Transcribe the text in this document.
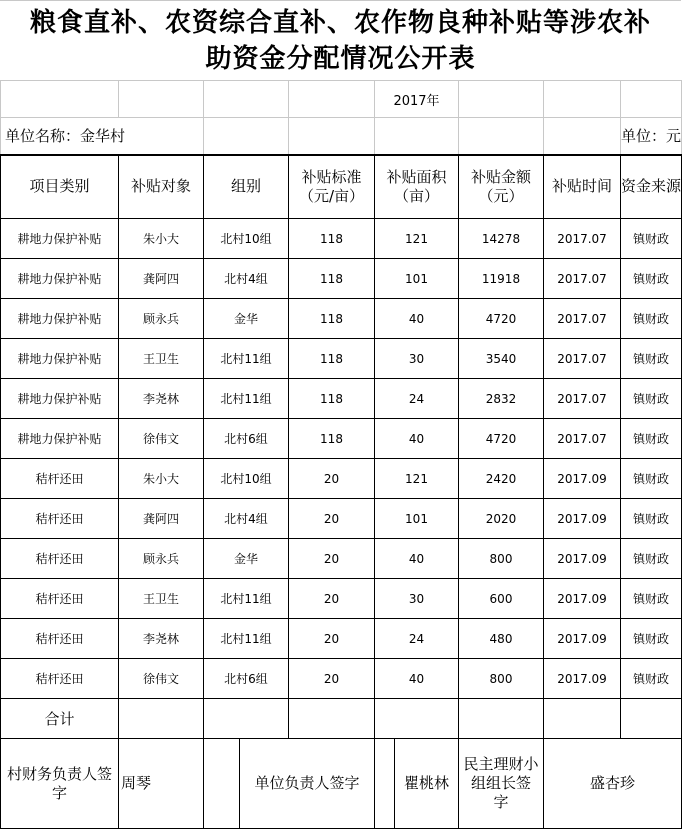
粮食直补、农资综合直补、农作物良种补贴等涉农补
助资金分配情况公开表
					2017年				
单位名称：金华村									单位：元
项目类别	补贴对象	组别		补贴标准（元/亩）	补贴面积（亩）		补贴金额（元）	补贴时间	资金来源
耕地力保护补贴	朱小大	北村10组		118	121		14278	2017.07	镇财政
耕地力保护补贴	龚阿四	北村4组		118	101		11918	2017.07	镇财政
耕地力保护补贴	顾永兵	金华		118	40		4720	2017.07	镇财政
耕地力保护补贴	王卫生	北村11组		118	30		3540	2017.07	镇财政
耕地力保护补贴	李尧林	北村11组		118	24		2832	2017.07	镇财政
耕地力保护补贴	徐伟文	北村6组		118	40		4720	2017.07	镇财政
秸杆还田	朱小大	北村10组		20	121		2420	2017.09	镇财政
秸杆还田	龚阿四	北村4组		20	101		2020	2017.09	镇财政
秸杆还田	顾永兵	金华		20	40		800	2017.09	镇财政
秸杆还田	王卫生	北村11组		20	30		600	2017.09	镇财政
秸杆还田	李尧林	北村11组		20	24		480	2017.09	镇财政
秸杆还田	徐伟文	北村6组		20	40		800	2017.09	镇财政
合计									
村财务负责人签字	周琴		单位负责人签字			瞿桃林	民主理财小组组长签　　字	盛杏珍	
